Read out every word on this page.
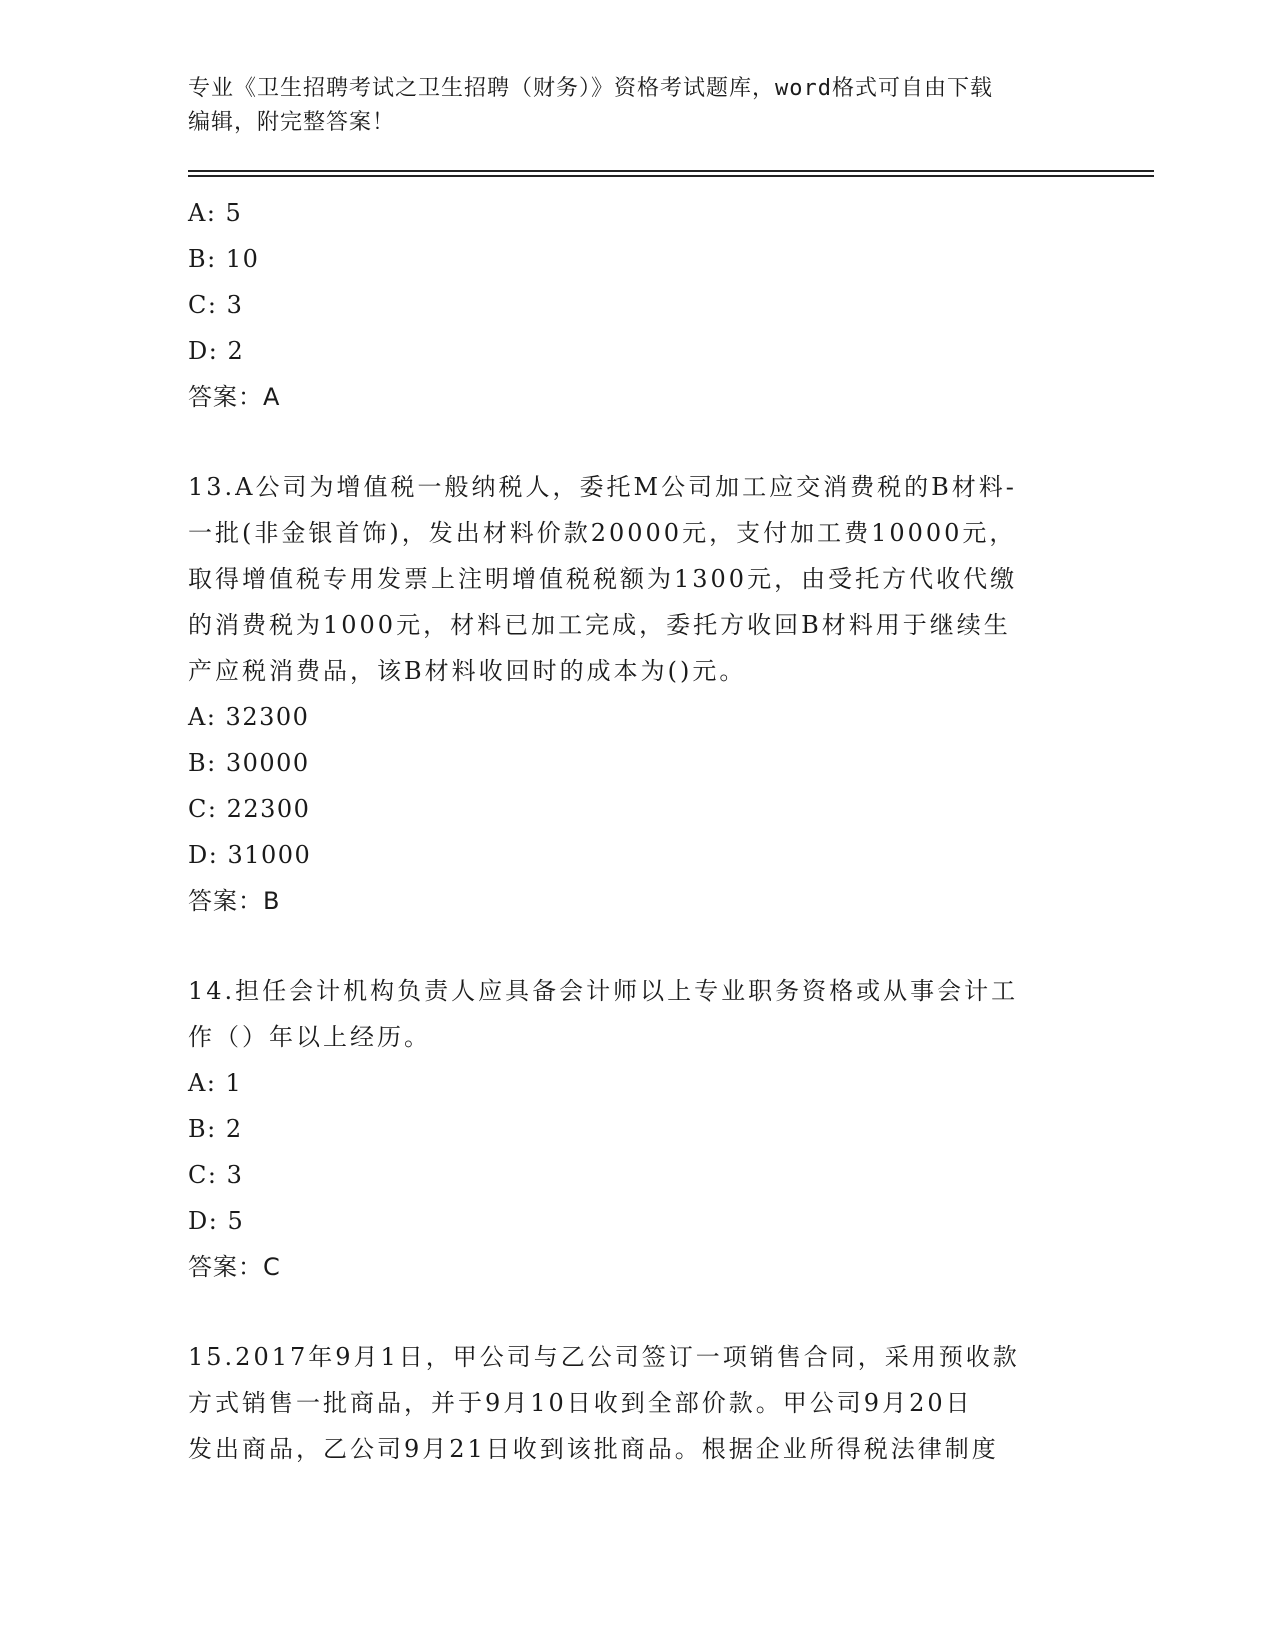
专业《卫生招聘考试之卫生招聘（财务）》资格考试题库，word格式可自由下载
编辑，附完整答案！
A: 5
B: 10
C: 3
D: 2
答案：A
13.A公司为增值税一般纳税人，委托M公司加工应交消费税的B材料-
一批(非金银首饰)，发出材料价款20000元，支付加工费10000元，
取得增值税专用发票上注明增值税税额为1300元，由受托方代收代缴
的消费税为1000元，材料已加工完成，委托方收回B材料用于继续生
产应税消费品，该B材料收回时的成本为()元。
A: 32300
B: 30000
C: 22300
D: 31000
答案：B
14.担任会计机构负责人应具备会计师以上专业职务资格或从事会计工
作（）年以上经历。
A: 1
B: 2
C: 3
D: 5
答案：C
15.2017年9月1日，甲公司与乙公司签订一项销售合同，采用预收款
方式销售一批商品，并于9月10日收到全部价款。甲公司9月20日
发出商品，乙公司9月21日收到该批商品。根据企业所得税法律制度
